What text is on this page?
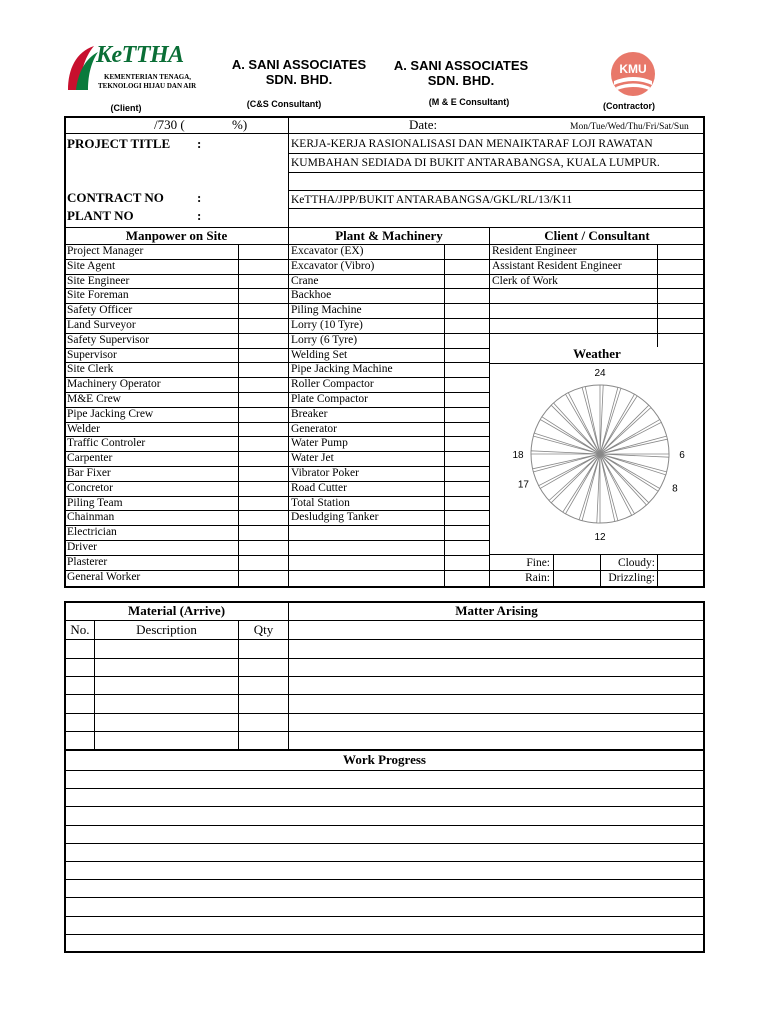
KeTTHA
KEMENTERIAN TENAGA,
TEKNOLOGI HIJAU DAN AIR
(Client)
A. SANI ASSOCIATES
SDN. BHD.
(C&S Consultant)
A. SANI ASSOCIATES
SDN. BHD.
(M & E Consultant)
KMU
(Contractor)
/730 (	%)	Date:	Mon/Tue/Wed/Thu/Fri/Sat/Sun
PROJECT TITLE :	KERJA-KERJA RASIONALISASI DAN MENAIKTARAF LOJI RAWATAN
KUMBAHAN SEDIADA DI BUKIT ANTARABANGSA, KUALA LUMPUR.
CONTRACT NO	:	KeTTHA/JPP/BUKIT ANTARABANGSA/GKL/RL/13/K11
PLANT NO	:
Manpower on Site	Plant & Machinery	Client / Consultant
Project Manager	Excavator (EX)	Resident Engineer
Site Agent	Excavator (Vibro)	Assistant Resident Engineer
Site Engineer	Crane	Clerk of Work
Site Foreman	Backhoe
Safety Officer	Piling Machine
Land Surveyor	Lorry (10 Tyre)
Safety Supervisor	Lorry (6 Tyre)
Supervisor	Welding Set
Site Clerk	Pipe Jacking Machine
Machinery Operator	Roller Compactor
M&E Crew	Plate Compactor
Pipe Jacking Crew	Breaker
Welder	Generator
Traffic Controler	Water Pump
Carpenter	Water Jet
Bar Fixer	Vibrator Poker
Concretor	Road Cutter
Piling Team	Total Station
Chainman	Desludging Tanker
Electrician
Driver
Plasterer
General Worker
Weather
24
6
8
12
17
18
Fine:	Cloudy:
Rain:	Drizzling:
Material (Arrive)	Matter Arising
No.	Description	Qty
Work Progress
